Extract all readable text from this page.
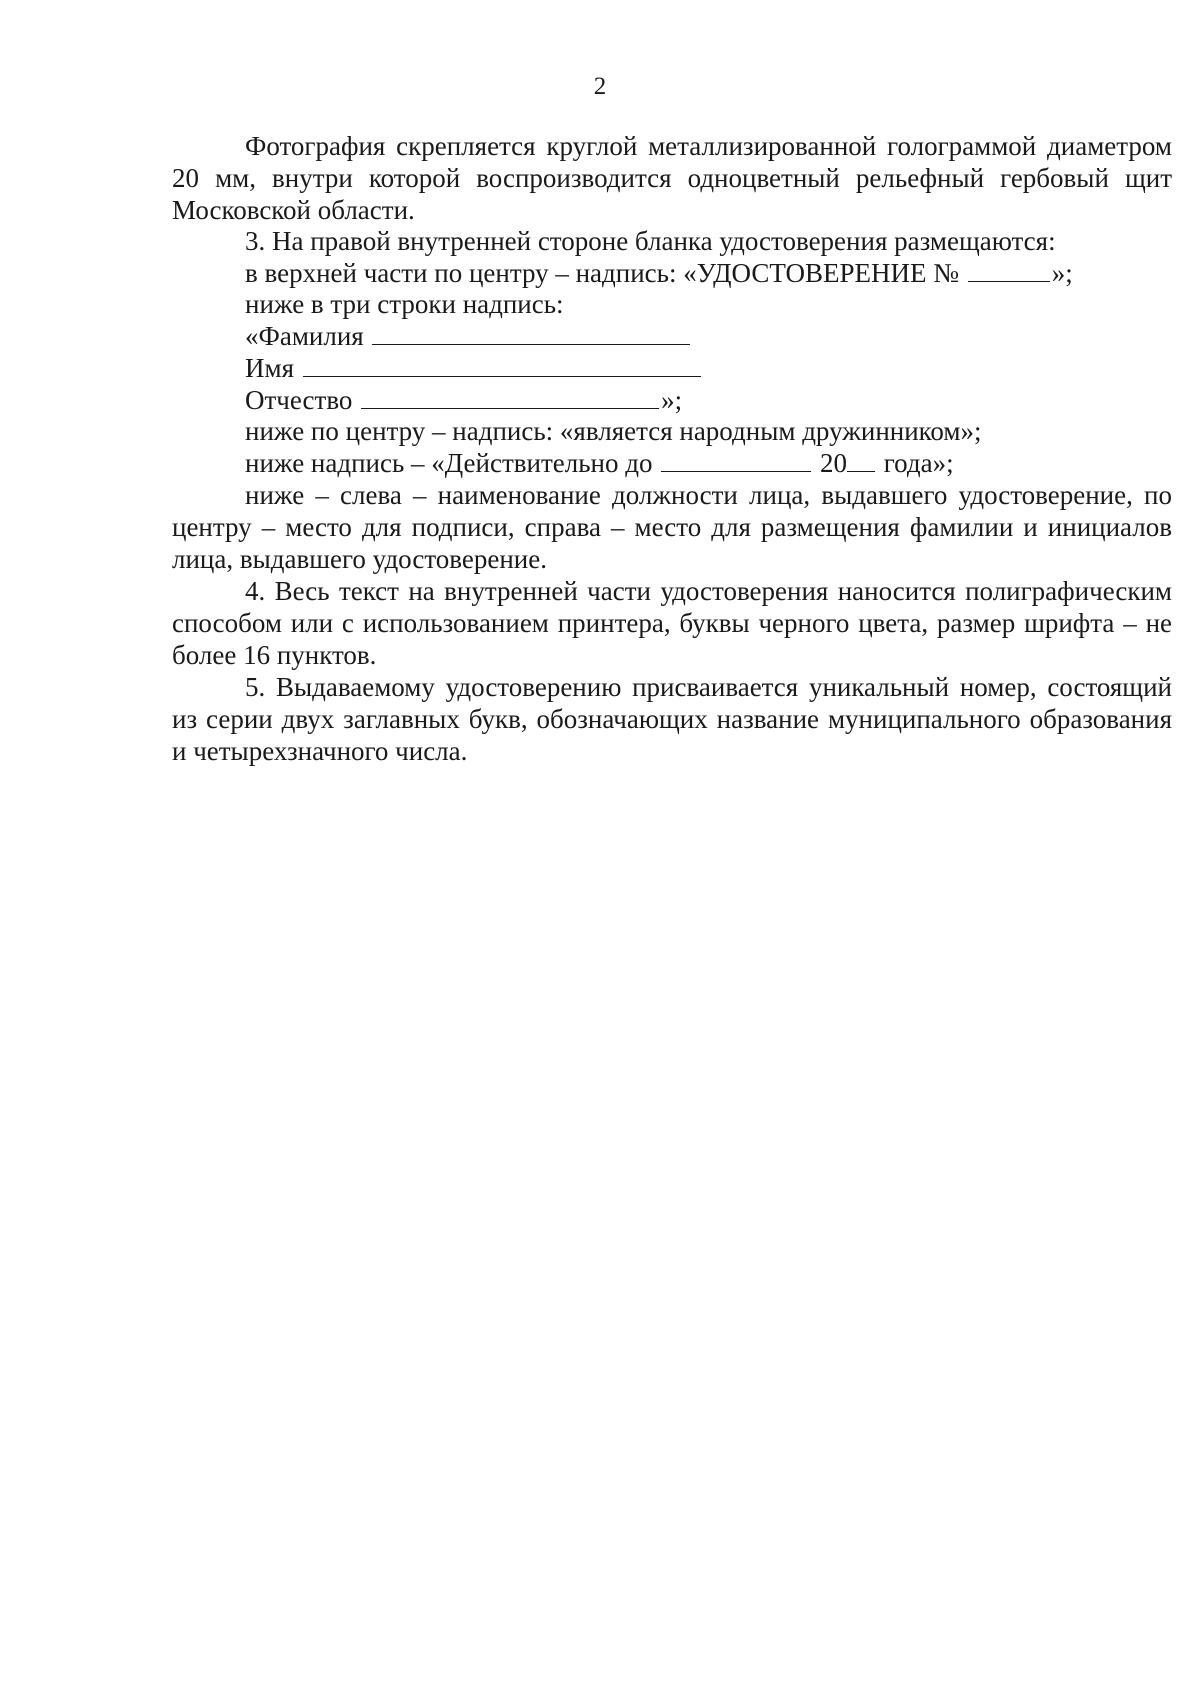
2

Фотография скрепляется круглой металлизированной голограммой диаметром 20 мм, внутри которой воспроизводится одноцветный рельефный гербовый щит Московской области.

3. На правой внутренней стороне бланка удостоверения размещаются:

в верхней части по центру – надпись: «УДОСТОВЕРЕНИЕ №	»;

ниже в три строки надпись:

«Фамилия

Имя

Отчество	»;

ниже по центру – надпись: «является народным дружинником»;

ниже надпись – «Действительно до	20 года»;

ниже – слева – наименование должности лица, выдавшего удостоверение, по центру – место для подписи, справа – место для размещения фамилии и инициалов лица, выдавшего удостоверение.

4. Весь текст на внутренней части удостоверения наносится полиграфическим способом или с использованием принтера, буквы черного цвета, размер шрифта – не более 16 пунктов.

5. Выдаваемому удостоверению присваивается уникальный номер, состоящий из серии двух заглавных букв, обозначающих название муниципального образования и четырехзначного числа.
